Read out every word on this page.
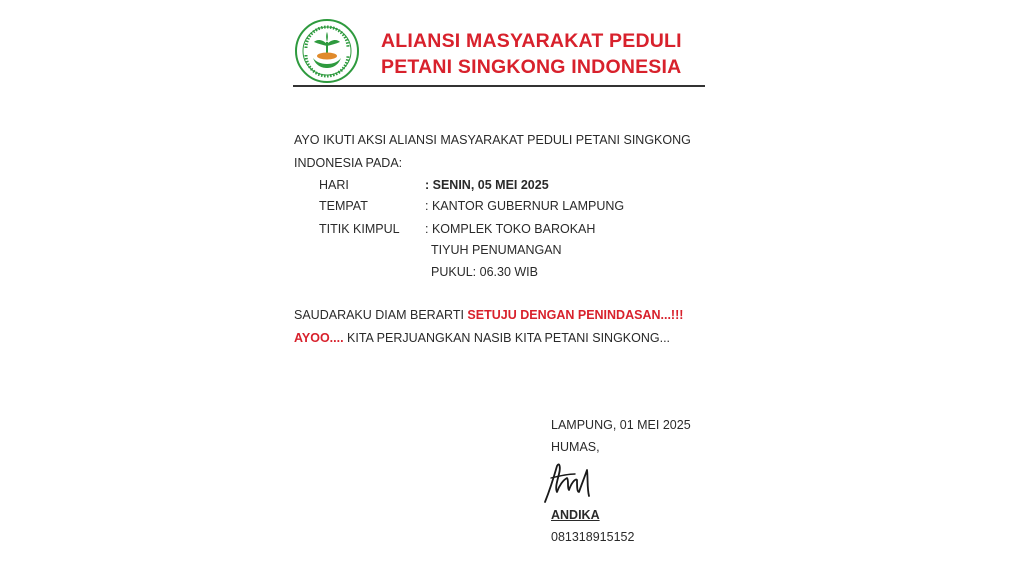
ALIANSI MASYARAKAT PEDULI
PETANI SINGKONG INDONESIA
AYO IKUTI AKSI ALIANSI MASYARAKAT PEDULI PETANI SINGKONG
INDONESIA PADA:
HARI	: SENIN, 05 MEI 2025
TEMPAT	: KANTOR GUBERNUR LAMPUNG
TITIK KIMPUL : KOMPLEK TOKO BAROKAH
TIYUH PENUMANGAN
PUKUL: 06.30 WIB
SAUDARAKU DIAM BERARTI SETUJU DENGAN PENINDASAN...!!!
AYOO.... KITA PERJUANGKAN NASIB KITA PETANI SINGKONG...
LAMPUNG, 01 MEI 2025
HUMAS,
ANDIKA
081318915152
